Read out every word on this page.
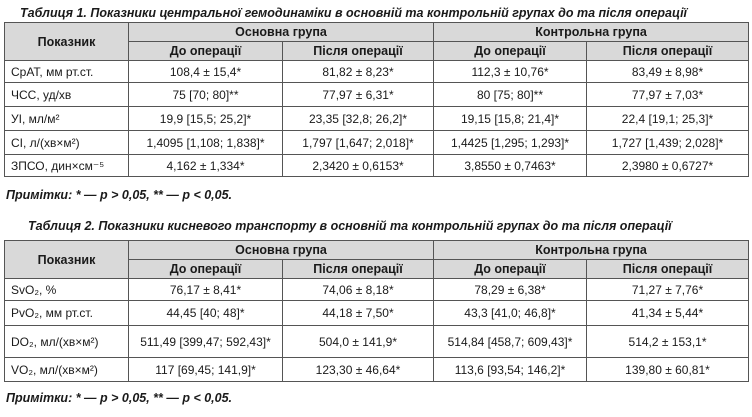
Таблиця 1. Показники центральної гемодинаміки в основній та контрольній групах до та після операції
Показник	Основна група		Контрольна група	
	До операції	Після операції	До операції	Після операції
СрАТ, мм рт.ст.	108,4 ± 15,4*	81,82 ± 8,23*	112,3 ± 10,76*	83,49 ± 8,98*
ЧСС, уд/хв	75 [70; 80]**	77,97 ± 6,31*	80 [75; 80]**	77,97 ± 7,03*
УІ, мл/м²	19,9 [15,5; 25,2]*	23,35 [32,8; 26,2]*	19,15 [15,8; 21,4]*	22,4 [19,1; 25,3]*
СІ, л/(хв×м²)	1,4095 [1,108; 1,838]*	1,797 [1,647; 2,018]*	1,4425 [1,295; 1,293]*	1,727 [1,439; 2,028]*
ЗПСО, дин×см⁻⁵	4,162 ± 1,334*	2,3420 ± 0,6153*	3,8550 ± 0,7463*	2,3980 ± 0,6727*
Примітки: * — р > 0,05, ** — р < 0,05.
Таблиця 2. Показники кисневого транспорту в основній та контрольній групах до та після операції
Показник	Основна група		Контрольна група	
	До операції	Після операції	До операції	Після операції
SvO₂, %	76,17 ± 8,41*	74,06 ± 8,18*	78,29 ± 6,38*	71,27 ± 7,76*
PvO₂, мм рт.ст.	44,45 [40; 48]*	44,18 ± 7,50*	43,3 [41,0; 46,8]*	41,34 ± 5,44*
DO₂, мл/(хв×м²)	511,49 [399,47; 592,43]*	504,0 ± 141,9*	514,84 [458,7; 609,43]*	514,2 ± 153,1*
VO₂, мл/(хв×м²)	117 [69,45; 141,9]*	123,30 ± 46,64*	113,6 [93,54; 146,2]*	139,80 ± 60,81*
Примітки: * — р > 0,05, ** — р < 0,05.
